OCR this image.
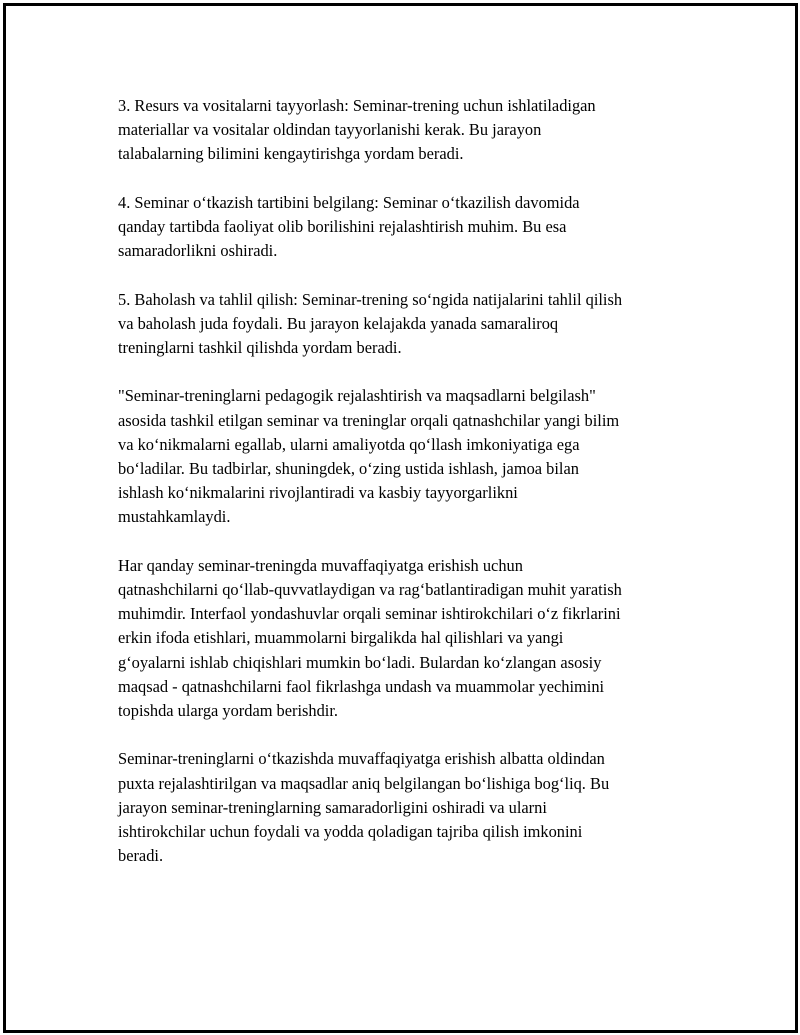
3. Resurs va vositalarni tayyorlash: Seminar-trening uchun ishlatiladigan
materiallar va vositalar oldindan tayyorlanishi kerak. Bu jarayon
talabalarning bilimini kengaytirishga yordam beradi.

4. Seminar o‘tkazish tartibini belgilang: Seminar o‘tkazilish davomida
qanday tartibda faoliyat olib borilishini rejalashtirish muhim. Bu esa
samaradorlikni oshiradi.

5. Baholash va tahlil qilish: Seminar-trening so‘ngida natijalarini tahlil qilish
va baholash juda foydali. Bu jarayon kelajakda yanada samaraliroq
treninglarni tashkil qilishda yordam beradi.

"Seminar-treninglarni pedagogik rejalashtirish va maqsadlarni belgilash"
asosida tashkil etilgan seminar va treninglar orqali qatnashchilar yangi bilim
va ko‘nikmalarni egallab, ularni amaliyotda qo‘llash imkoniyatiga ega
bo‘ladilar. Bu tadbirlar, shuningdek, o‘zing ustida ishlash, jamoa bilan
ishlash ko‘nikmalarini rivojlantiradi va kasbiy tayyorgarlikni
mustahkamlaydi.

Har qanday seminar-treningda muvaffaqiyatga erishish uchun
qatnashchilarni qo‘llab-quvvatlaydigan va rag‘batlantiradigan muhit yaratish
muhimdir. Interfaol yondashuvlar orqali seminar ishtirokchilari o‘z fikrlarini
erkin ifoda etishlari, muammolarni birgalikda hal qilishlari va yangi
g‘oyalarni ishlab chiqishlari mumkin bo‘ladi. Bulardan ko‘zlangan asosiy
maqsad - qatnashchilarni faol fikrlashga undash va muammolar yechimini
topishda ularga yordam berishdir.

Seminar-treninglarni o‘tkazishda muvaffaqiyatga erishish albatta oldindan
puxta rejalashtirilgan va maqsadlar aniq belgilangan bo‘lishiga bog‘liq. Bu
jarayon seminar-treninglarning samaradorligini oshiradi va ularni
ishtirokchilar uchun foydali va yodda qoladigan tajriba qilish imkonini
beradi.
